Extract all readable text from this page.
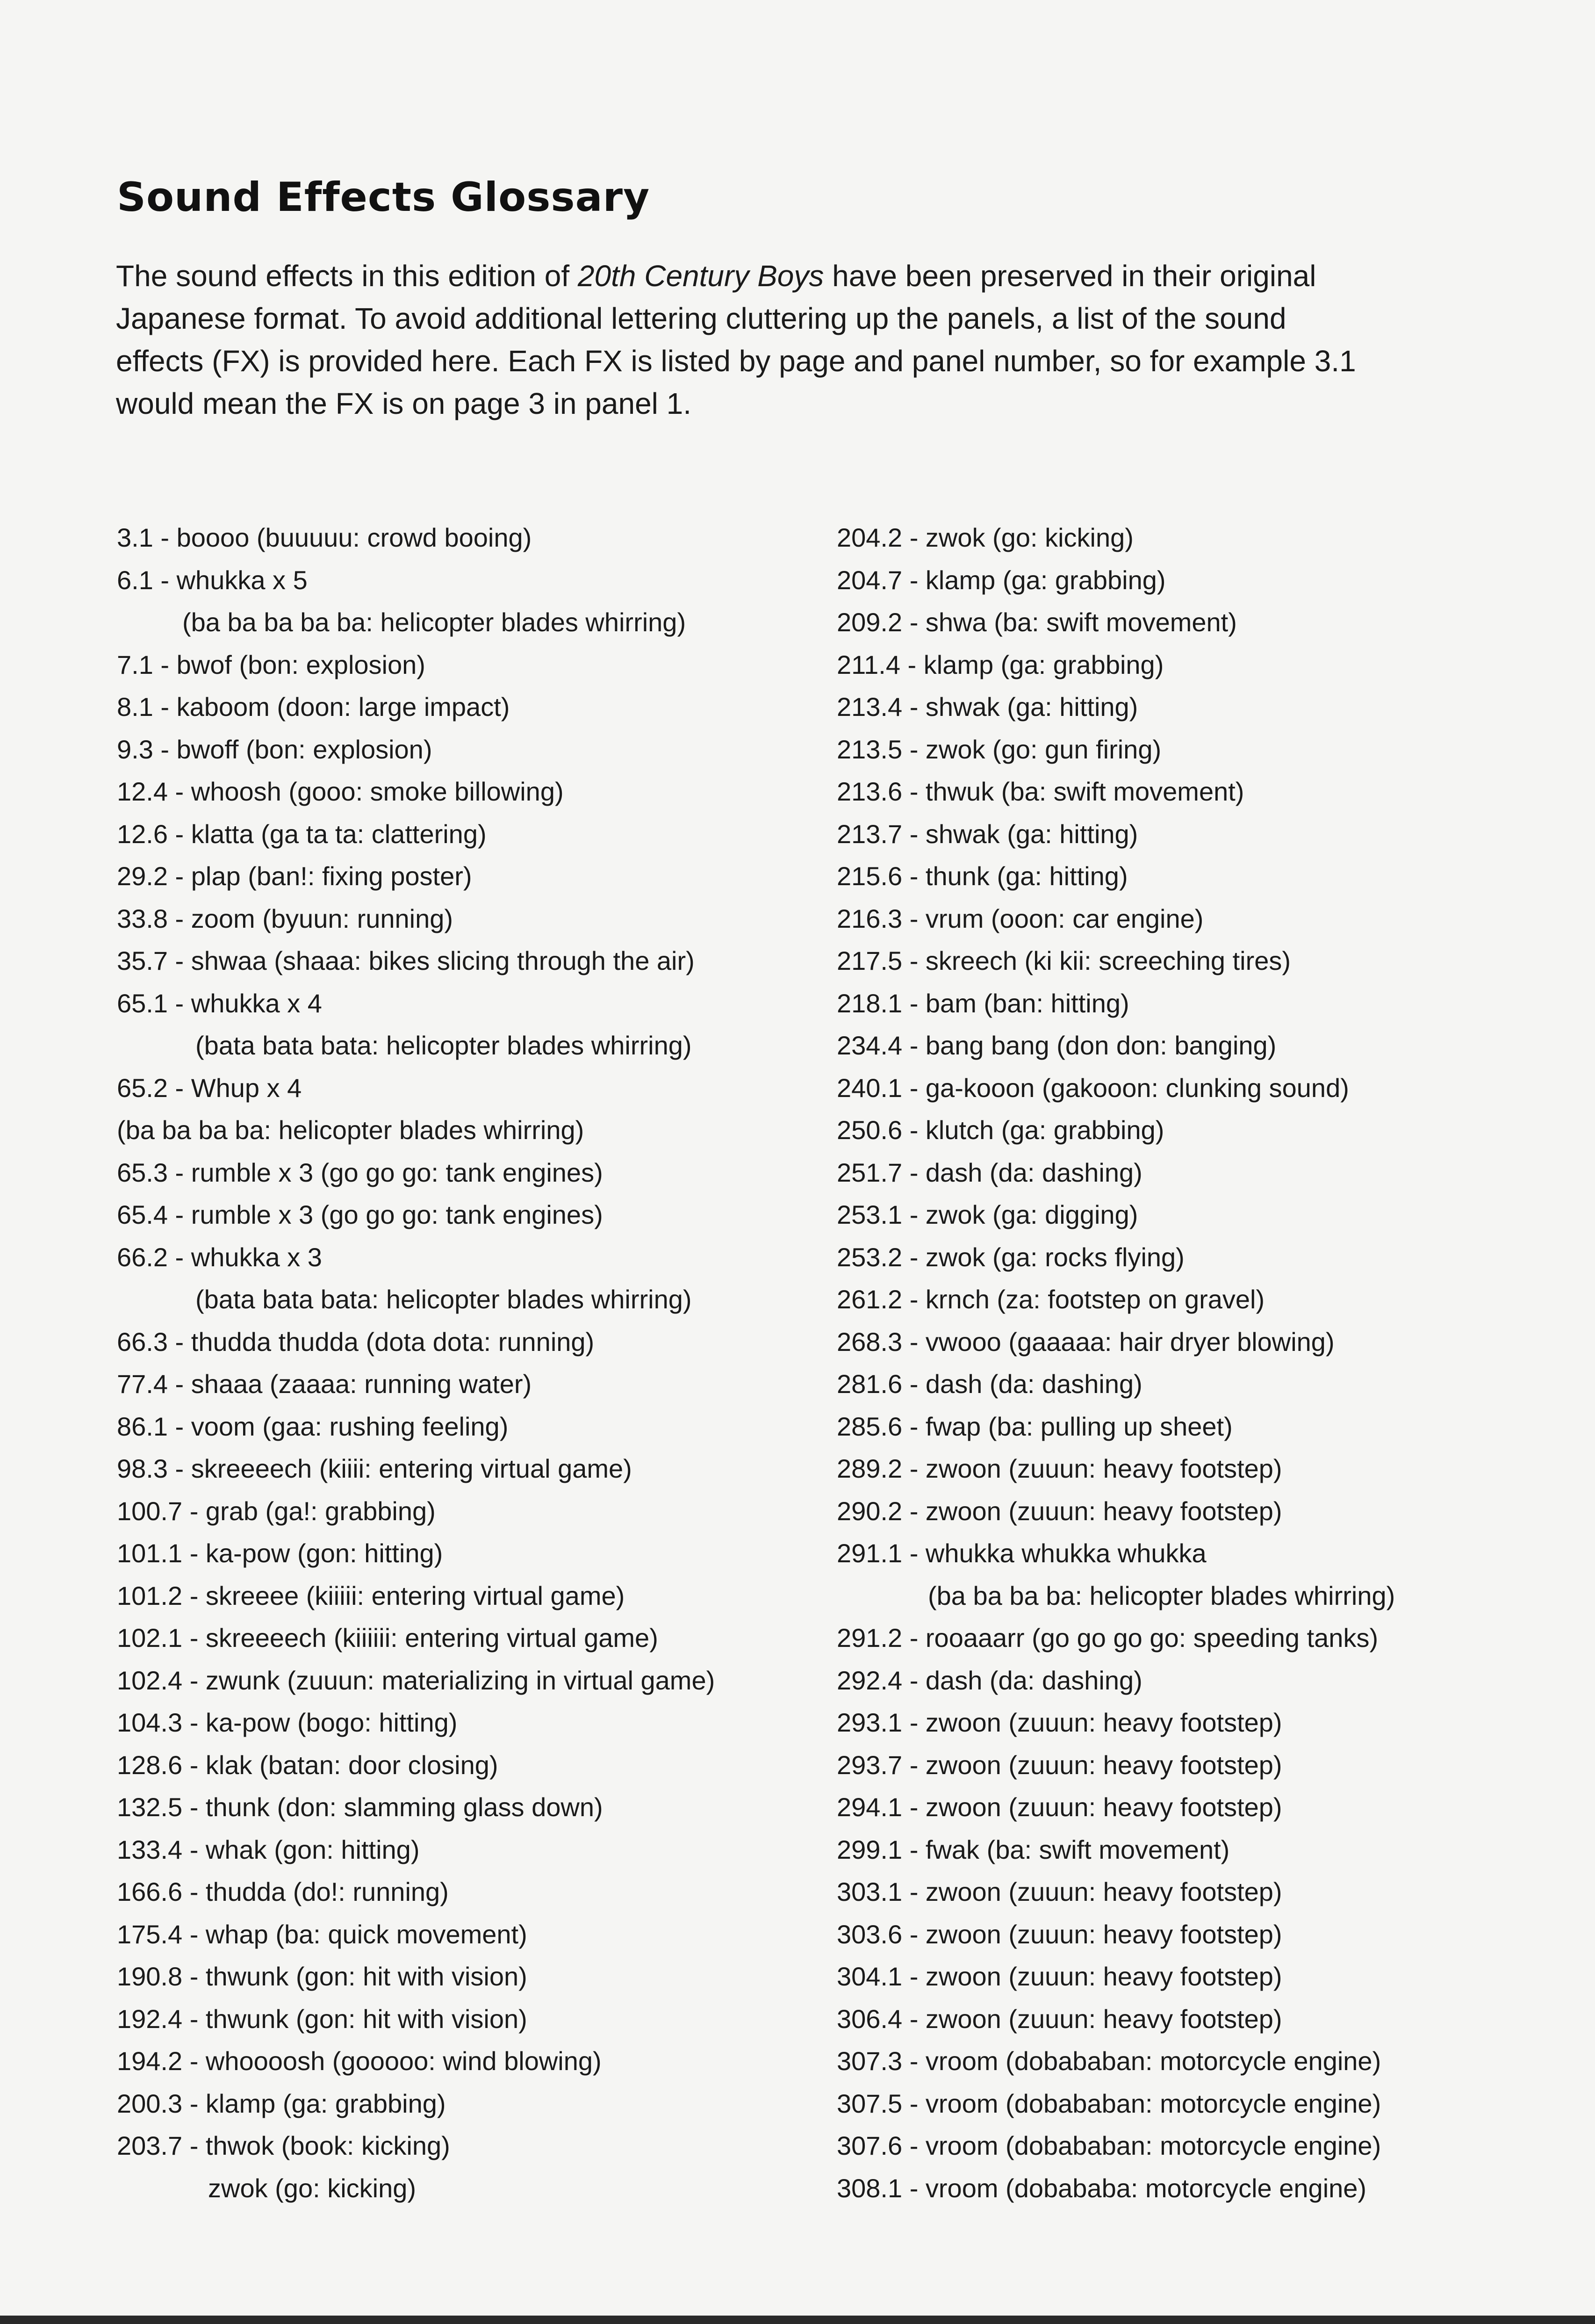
Sound Effects Glossary

The sound effects in this edition of 20th Century Boys have been preserved in their original Japanese format. To avoid additional lettering cluttering up the panels, a list of the sound effects (FX) is provided here. Each FX is listed by page and panel number, so for example 3.1 would mean the FX is on page 3 in panel 1.

3.1 - boooo (buuuuu: crowd booing)
6.1 - whukka x 5
(ba ba ba ba ba: helicopter blades whirring)
7.1 - bwof (bon: explosion)
8.1 - kaboom (doon: large impact)
9.3 - bwoff (bon: explosion)
12.4 - whoosh (gooo: smoke billowing)
12.6 - klatta (ga ta ta: clattering)
29.2 - plap (ban!: fixing poster)
33.8 - zoom (byuun: running)
35.7 - shwaa (shaaa: bikes slicing through the air)
65.1 - whukka x 4
(bata bata bata: helicopter blades whirring)
65.2 - Whup x 4
(ba ba ba ba: helicopter blades whirring)
65.3 - rumble x 3 (go go go: tank engines)
65.4 - rumble x 3 (go go go: tank engines)
66.2 - whukka x 3
(bata bata bata: helicopter blades whirring)
66.3 - thudda thudda (dota dota: running)
77.4 - shaaa (zaaaa: running water)
86.1 - voom (gaa: rushing feeling)
98.3 - skreeeech (kiiii: entering virtual game)
100.7 - grab (ga!: grabbing)
101.1 - ka-pow (gon: hitting)
101.2 - skreeee (kiiiii: entering virtual game)
102.1 - skreeeech (kiiiiii: entering virtual game)
102.4 - zwunk (zuuun: materializing in virtual game)
104.3 - ka-pow (bogo: hitting)
128.6 - klak (batan: door closing)
132.5 - thunk (don: slamming glass down)
133.4 - whak (gon: hitting)
166.6 - thudda (do!: running)
175.4 - whap (ba: quick movement)
190.8 - thwunk (gon: hit with vision)
192.4 - thwunk (gon: hit with vision)
194.2 - whoooosh (gooooo: wind blowing)
200.3 - klamp (ga: grabbing)
203.7 - thwok (book: kicking)
zwok (go: kicking)
204.2 - zwok (go: kicking)
204.7 - klamp (ga: grabbing)
209.2 - shwa (ba: swift movement)
211.4 - klamp (ga: grabbing)
213.4 - shwak (ga: hitting)
213.5 - zwok (go: gun firing)
213.6 - thwuk (ba: swift movement)
213.7 - shwak (ga: hitting)
215.6 - thunk (ga: hitting)
216.3 - vrum (ooon: car engine)
217.5 - skreech (ki kii: screeching tires)
218.1 - bam (ban: hitting)
234.4 - bang bang (don don: banging)
240.1 - ga-kooon (gakooon: clunking sound)
250.6 - klutch (ga: grabbing)
251.7 - dash (da: dashing)
253.1 - zwok (ga: digging)
253.2 - zwok (ga: rocks flying)
261.2 - krnch (za: footstep on gravel)
268.3 - vwooo (gaaaaa: hair dryer blowing)
281.6 - dash (da: dashing)
285.6 - fwap (ba: pulling up sheet)
289.2 - zwoon (zuuun: heavy footstep)
290.2 - zwoon (zuuun: heavy footstep)
291.1 - whukka whukka whukka
(ba ba ba ba: helicopter blades whirring)
291.2 - rooaaarr (go go go go: speeding tanks)
292.4 - dash (da: dashing)
293.1 - zwoon (zuuun: heavy footstep)
293.7 - zwoon (zuuun: heavy footstep)
294.1 - zwoon (zuuun: heavy footstep)
299.1 - fwak (ba: swift movement)
303.1 - zwoon (zuuun: heavy footstep)
303.6 - zwoon (zuuun: heavy footstep)
304.1 - zwoon (zuuun: heavy footstep)
306.4 - zwoon (zuuun: heavy footstep)
307.3 - vroom (dobababan: motorcycle engine)
307.5 - vroom (dobababan: motorcycle engine)
307.6 - vroom (dobababan: motorcycle engine)
308.1 - vroom (dobababa: motorcycle engine)
